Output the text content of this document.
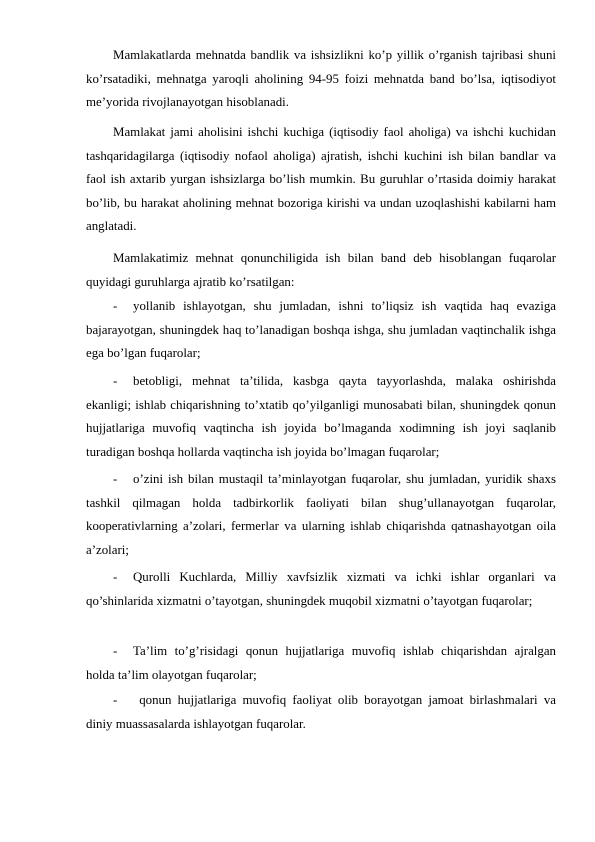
Mamlakatlarda mehnatda bandlik va ishsizlikni ko’p yillik o’rganish tajribasi shuni ko’rsatadiki, mehnatga yaroqli aholining 94-95 foizi mehnatda band bo’lsa, iqtisodiyot me’yorida rivojlanayotgan hisoblanadi.

Mamlakat jami aholisini ishchi kuchiga (iqtisodiy faol aholiga) va ishchi kuchidan tashqaridagilarga (iqtisodiy nofaol aholiga) ajratish, ishchi kuchini ish bilan bandlar va faol ish axtarib yurgan ishsizlarga bo’lish mumkin. Bu guruhlar o’rtasida doimiy harakat bo’lib, bu harakat aholining mehnat bozoriga kirishi va undan uzoqlashishi kabilarni ham anglatadi.

Mamlakatimiz mehnat qonunchiligida ish bilan band deb hisoblangan fuqarolar quyidagi guruhlarga ajratib ko’rsatilgan:

- yollanib ishlayotgan, shu jumladan, ishni to’liqsiz ish vaqtida haq evaziga bajarayotgan, shuningdek haq to’lanadigan boshqa ishga, shu jumladan vaqtinchalik ishga ega bo’lgan fuqarolar;

- betobligi, mehnat ta’tilida, kasbga qayta tayyorlashda, malaka oshirishda ekanligi; ishlab chiqarishning to’xtatib qo’yilganligi munosabati bilan, shuningdek qonun hujjatlariga muvofiq vaqtincha ish joyida bo’lmaganda xodimning ish joyi saqlanib turadigan boshqa hollarda vaqtincha ish joyida bo’lmagan fuqarolar;

- o’zini ish bilan mustaqil ta’minlayotgan fuqarolar, shu jumladan, yuridik shaxs tashkil qilmagan holda tadbirkorlik faoliyati bilan shug’ullanayotgan fuqarolar, kooperativlarning a’zolari, fermerlar va ularning ishlab chiqarishda qatnashayotgan oila a’zolari;

- Qurolli Kuchlarda, Milliy xavfsizlik xizmati va ichki ishlar organlari va qo’shinlarida xizmatni o’tayotgan, shuningdek muqobil xizmatni o’tayotgan fuqarolar;

- Ta’lim to’g’risidagi qonun hujjatlariga muvofiq ishlab chiqarishdan ajralgan holda ta’lim olayotgan fuqarolar;

- qonun hujjatlariga muvofiq faoliyat olib borayotgan jamoat birlashmalari va diniy muassasalarda ishlayotgan fuqarolar.
